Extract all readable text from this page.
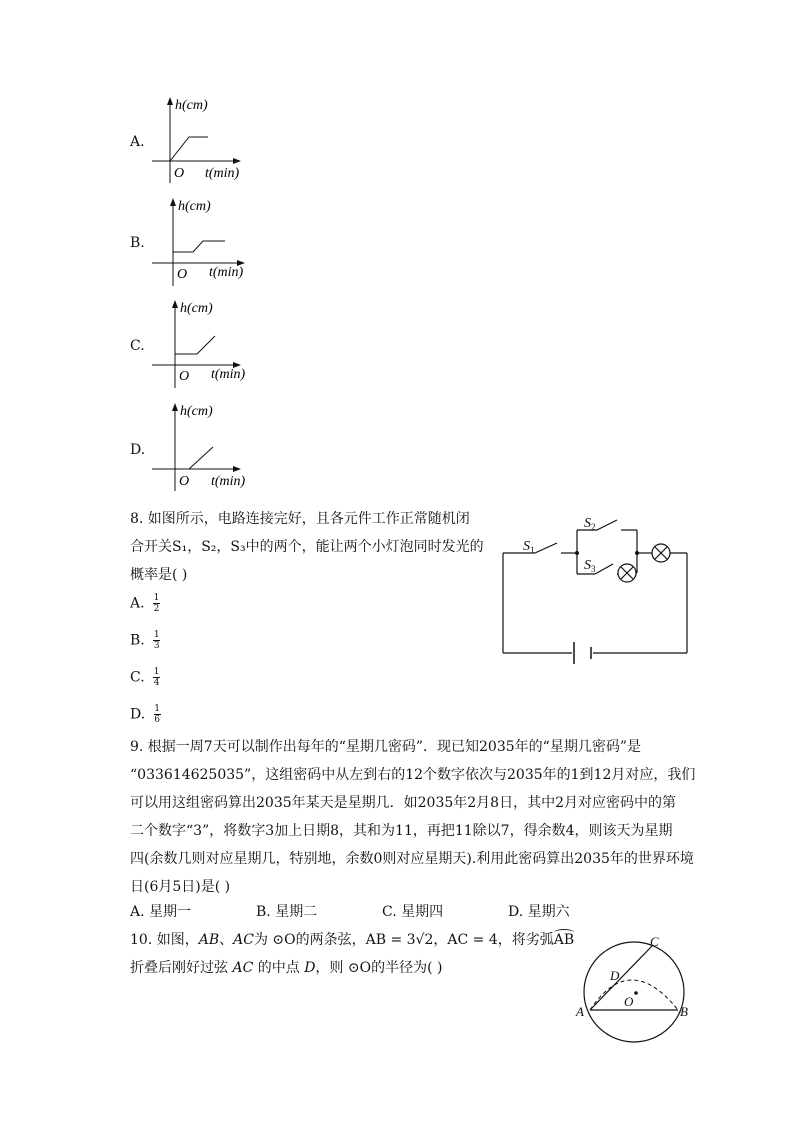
A.
h(cm)
O t(min)
B.
h(cm)
O t(min)
C.
h(cm)
O t(min)
D.
h(cm)
O t(min)
8. 如图所示，电路连接完好，且各元件工作正常随机闭
合开关S₁，S₂，S₃中的两个，能让两个小灯泡同时发光的
概率是( )
A. $\frac{1}{2}$
B. $\frac{1}{3}$
C. $\frac{1}{4}$
D. $\frac{1}{6}$
$S_1$
$S_2$
$S_3$
9. 根据一周7天可以制作出每年的“星期几密码”．现已知2035年的“星期几密码”是
“033614625035”，这组密码中从左到右的12个数字依次与2035年的1到12月对应，我们
可以用这组密码算出2035年某天是星期几．如2035年2月8日，其中2月对应密码中的第
二个数字“3”，将数字3加上日期8，其和为11，再把11除以7，得余数4，则该天为星期
四(余数几则对应星期几，特别地，余数0则对应星期天).利用此密码算出2035年的世界环境
日(6月5日)是( )
A. 星期一	B. 星期二	C. 星期四	D. 星期六
10. 如图，AB、AC为 ⊙O的两条弦，AB = 3√2，AC = 4，将劣弧
AB
折叠后刚好过弦 AC 的中点 D，则 ⊙O的半径为( )
C
D
O
A	B
